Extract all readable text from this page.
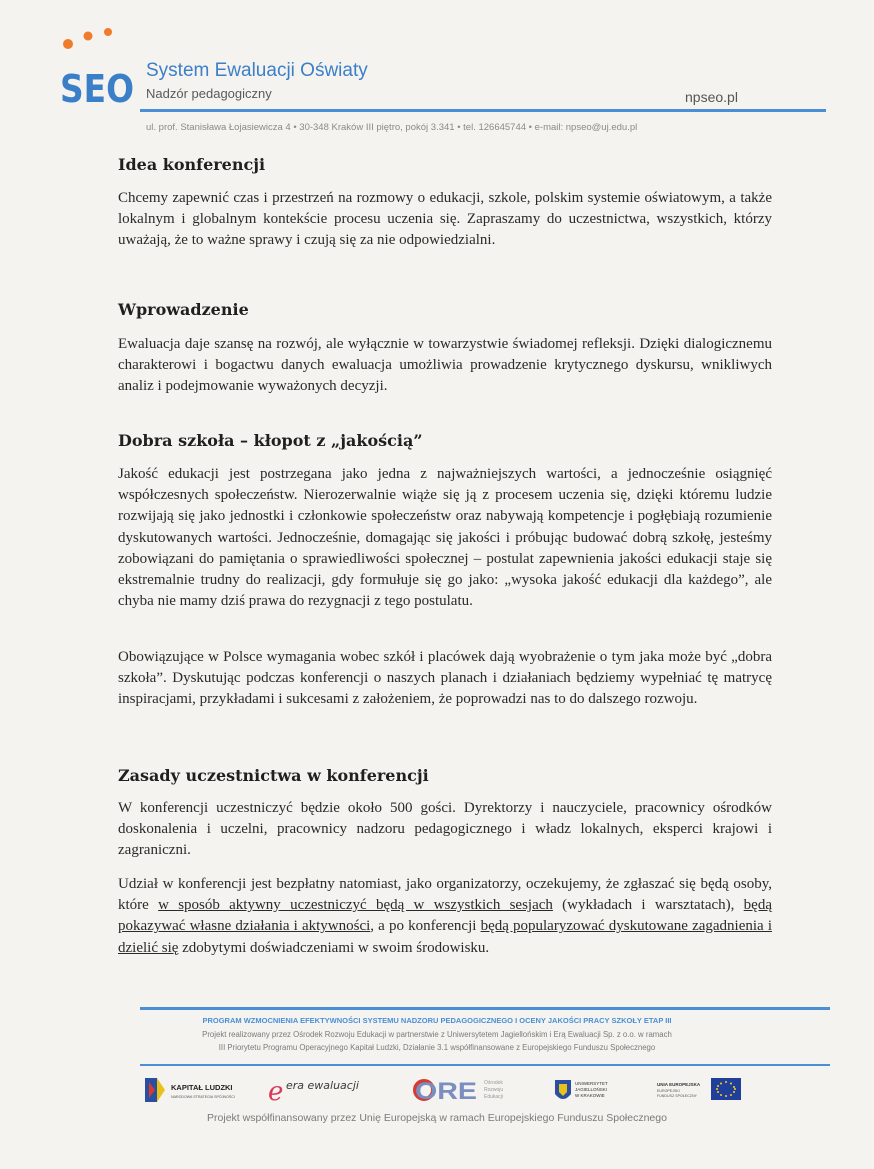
SEO System Ewaluacji Oświaty
Nadzór pedagogiczny	npseo.pl
ul. prof. Stanisława Łojasiewicza 4 • 30-348 Kraków III piętro, pokój 3.341 • tel. 126645744 • e-mail: npseo@uj.edu.pl
Idea konferencji

Chcemy zapewnić czas i przestrzeń na rozmowy o edukacji, szkole, polskim systemie oświatowym, a także lokalnym i globalnym kontekście procesu uczenia się. Zapraszamy do uczestnictwa, wszystkich, którzy uważają, że to ważne sprawy i czują się za nie odpowiedzialni.

Wprowadzenie

Ewaluacja daje szansę na rozwój, ale wyłącznie w towarzystwie świadomej refleksji. Dzięki dialogicznemu charakterowi i bogactwu danych ewaluacja umożliwia prowadzenie krytycznego dyskursu, wnikliwych analiz i podejmowanie wyważonych decyzji.

Dobra szkoła – kłopot z „jakością”

Jakość edukacji jest postrzegana jako jedna z najważniejszych wartości, a jednocześnie osiągnięć współczesnych społeczeństw. Nierozerwalnie wiąże się ją z procesem uczenia się, dzięki któremu ludzie rozwijają się jako jednostki i członkowie społeczeństw oraz nabywają kompetencje i pogłębiają rozumienie dyskutowanych wartości. Jednocześnie, domagając się jakości i próbując budować dobrą szkołę, jesteśmy zobowiązani do pamiętania o sprawiedliwości społecznej – postulat zapewnienia jakości edukacji staje się ekstremalnie trudny do realizacji, gdy formułuje się go jako: „wysoka jakość edukacji dla każdego”, ale chyba nie mamy dziś prawa do rezygnacji z tego postulatu.

Obowiązujące w Polsce wymagania wobec szkół i placówek dają wyobrażenie o tym jaka może być „dobra szkoła”. Dyskutując podczas konferencji o naszych planach i działaniach będziemy wypełniać tę matrycę inspiracjami, przykładami i sukcesami z założeniem, że poprowadzi nas to do dalszego rozwoju.

Zasady uczestnictwa w konferencji

W konferencji uczestniczyć będzie około 500 gości. Dyrektorzy i nauczyciele, pracownicy ośrodków doskonalenia i uczelni, pracownicy nadzoru pedagogicznego i władz lokalnych, eksperci krajowi i zagraniczni.

Udział w konferencji jest bezpłatny natomiast, jako organizatorzy, oczekujemy, że zgłaszać się będą osoby, które w sposób aktywny uczestniczyć będą w wszystkich sesjach (wykładach i warsztatach), będą pokazywać własne działania i aktywności, a po konferencji będą popularyzować dyskutowane zagadnienia i dzielić się zdobytymi doświadczeniami w swoim środowisku.

PROGRAM WZMOCNIENIA EFEKTYWNOŚCI SYSTEMU NADZORU PEDAGOGICZNEGO I OCENY JAKOŚCI PRACY SZKOŁY ETAP III
Projekt realizowany przez Ośrodek Rozwoju Edukacji w partnerstwie z Uniwersytetem Jagiellońskim i Erą Ewaluacji Sp. z o.o. w ramach
III Priorytetu Programu Operacyjnego Kapitał Ludzki, Działanie 3.1 współfinansowane z Europejskiego Funduszu Społecznego
KAPITAŁ LUDZKI
NARODOWA STRATEGIA SPÓJNOŚCI e era ewaluacji ORE Ośrodek
Rozwoju
Edukacji
UNIWERSYTET
JAGIELLOŃSKI
W KRAKOWIE
UNIA EUROPEJSKA
EUROPEJSKI
FUNDUSZ SPOŁECZNY
Projekt współfinansowany przez Unię Europejską w ramach Europejskiego Funduszu Społecznego
